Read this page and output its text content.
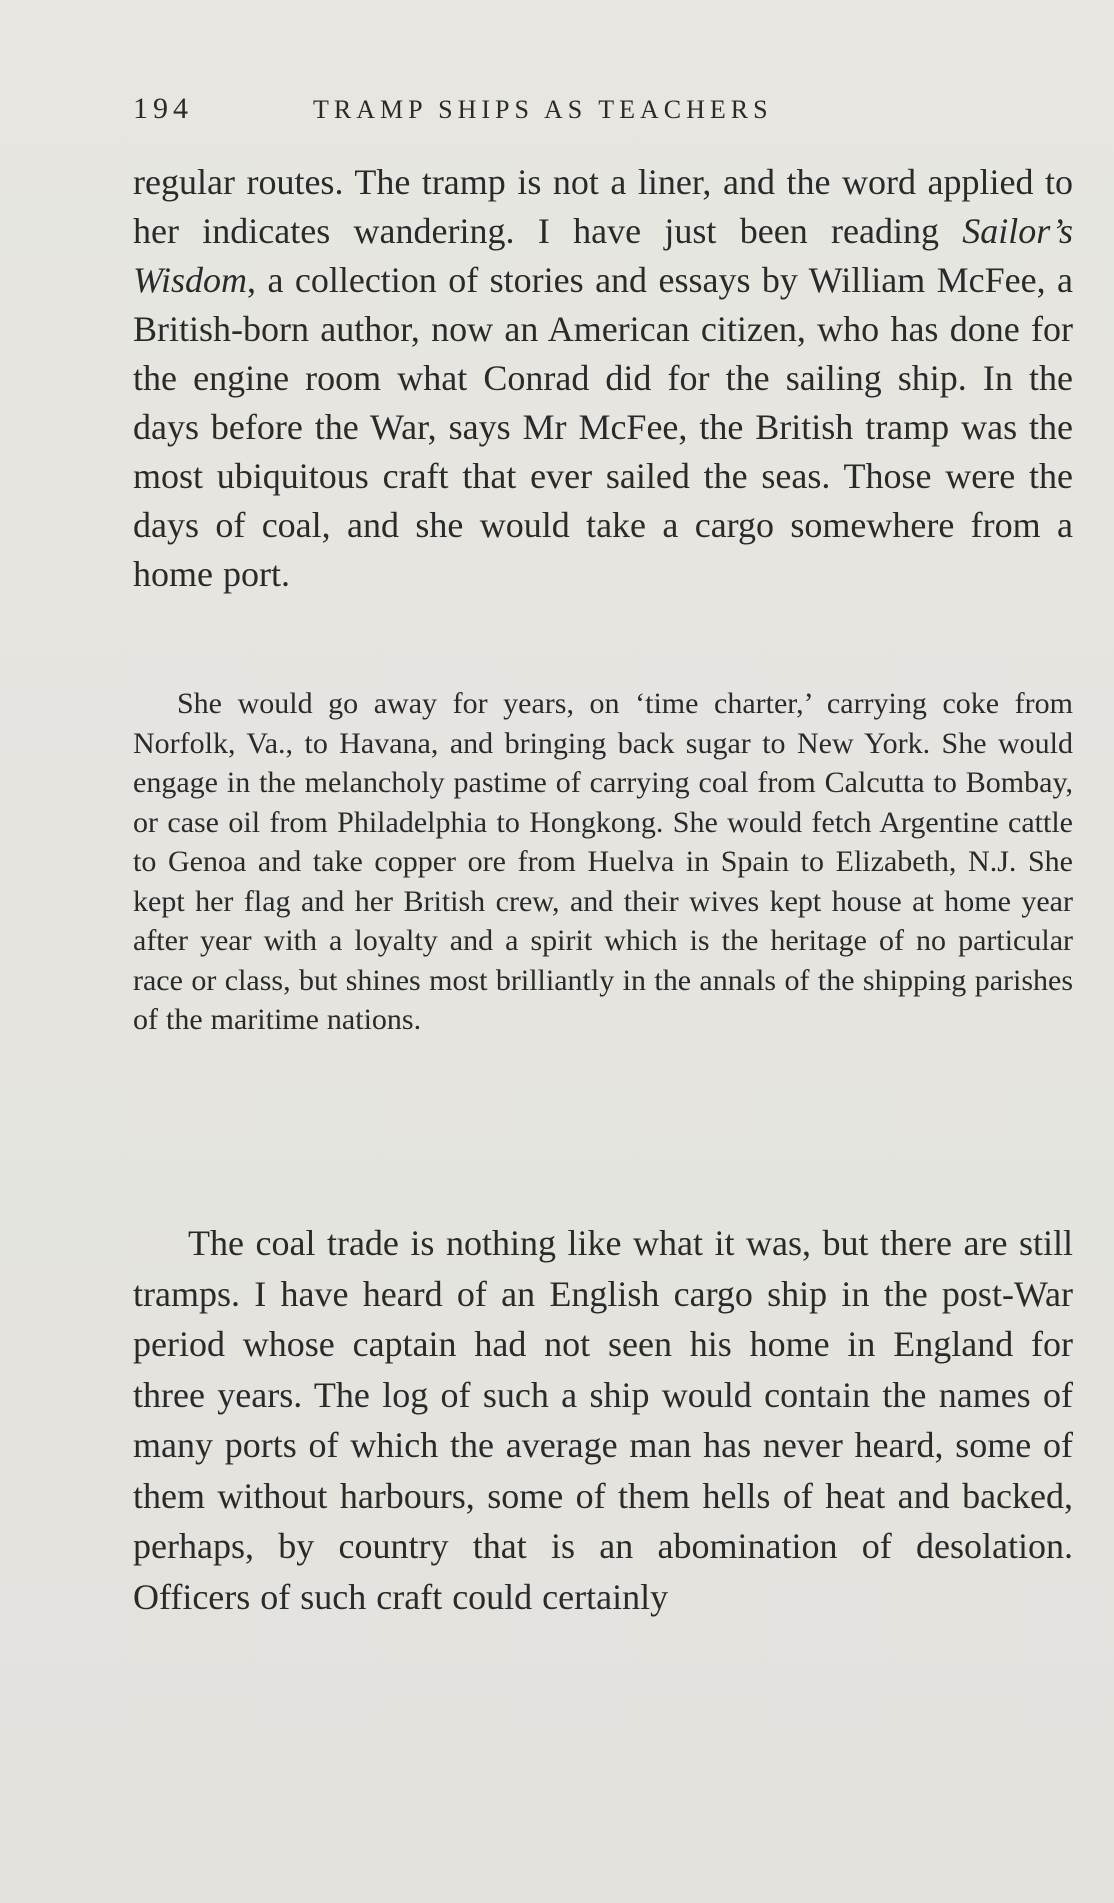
194	TRAMP SHIPS AS TEACHERS

regular routes. The tramp is not a liner, and the word applied to her indicates wandering. I have just been reading Sailor’s Wisdom, a collection of stories and essays by William McFee, a British-born author, now an American citizen, who has done for the engine room what Conrad did for the sailing ship. In the days before the War, says Mr McFee, the British tramp was the most ubiquitous craft that ever sailed the seas. Those were the days of coal, and she would take a cargo somewhere from a home port.

She would go away for years, on ‘time charter,’ carrying coke from Norfolk, Va., to Havana, and bringing back sugar to New York. She would engage in the melancholy pastime of carrying coal from Calcutta to Bombay, or case oil from Philadelphia to Hongkong. She would fetch Argentine cattle to Genoa and take copper ore from Huelva in Spain to Elizabeth, N.J. She kept her flag and her British crew, and their wives kept house at home year after year with a loyalty and a spirit which is the heritage of no particular race or class, but shines most brilliantly in the annals of the shipping parishes of the maritime nations.

The coal trade is nothing like what it was, but there are still tramps. I have heard of an English cargo ship in the post-War period whose captain had not seen his home in England for three years. The log of such a ship would contain the names of many ports of which the average man has never heard, some of them without harbours, some of them hells of heat and backed, perhaps, by country that is an abomination of desolation. Officers of such craft could certainly
